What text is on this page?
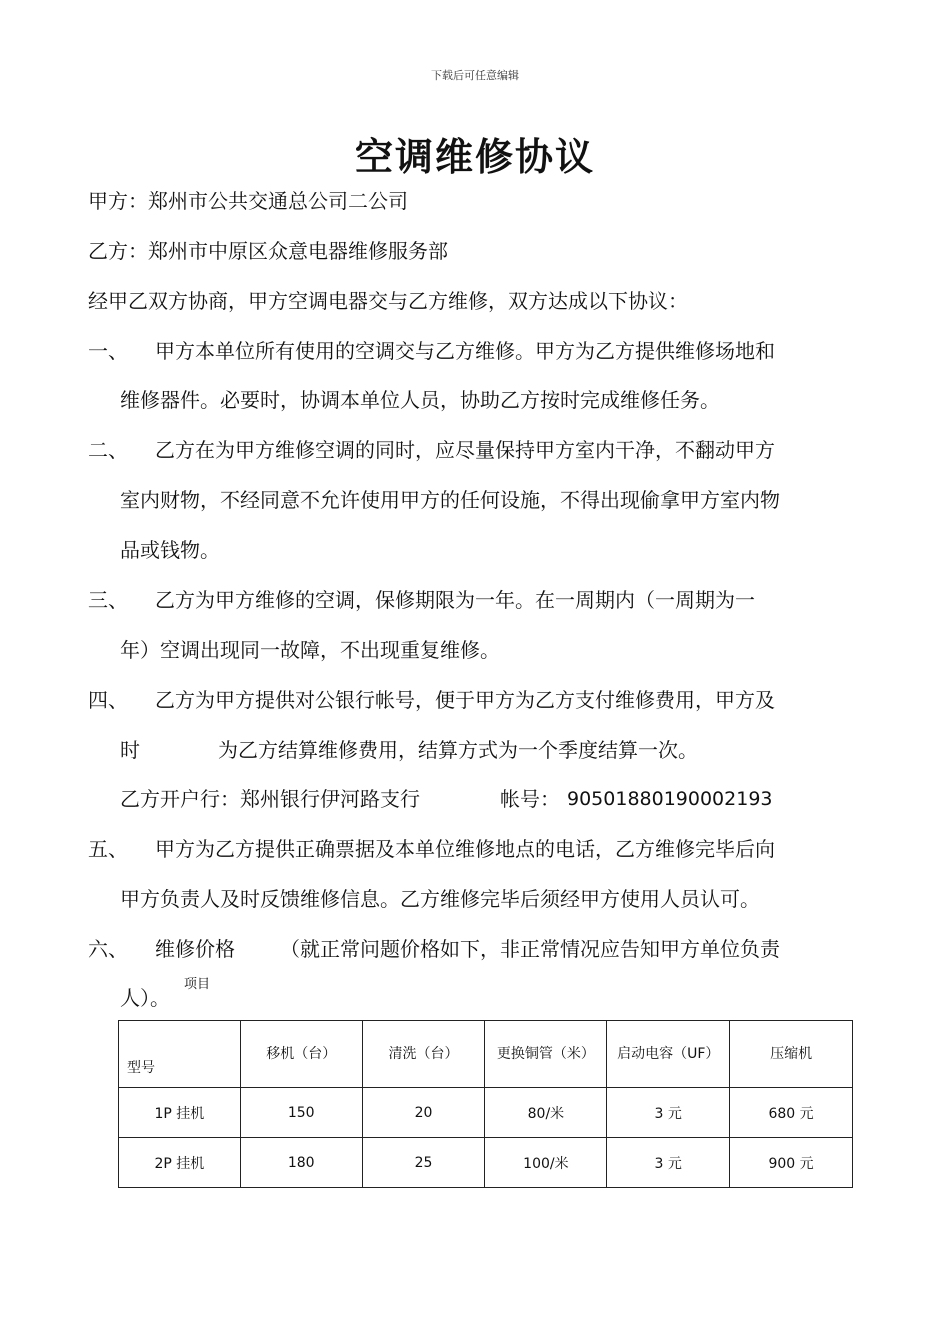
下载后可任意编辑
空调维修协议
甲方：郑州市公共交通总公司二公司
乙方：郑州市中原区众意电器维修服务部
经甲乙双方协商，甲方空调电器交与乙方维修，双方达成以下协议：
一、 甲方本单位所有使用的空调交与乙方维修。甲方为乙方提供维修场地和
维修器件。必要时，协调本单位人员，协助乙方按时完成维修任务。
二、 乙方在为甲方维修空调的同时，应尽量保持甲方室内干净，不翻动甲方
室内财物，不经同意不允许使用甲方的任何设施，不得出现偷拿甲方室内物
品或钱物。
三、 乙方为甲方维修的空调，保修期限为一年。在一周期内（一周期为一
年）空调出现同一故障，不出现重复维修。
四、 乙方为甲方提供对公银行帐号，便于甲方为乙方支付维修费用，甲方及
时	为乙方结算维修费用，结算方式为一个季度结算一次。
乙方开户行：郑州银行伊河路支行	帐号： 90501880190002193
五、 甲方为乙方提供正确票据及本单位维修地点的电话，乙方维修完毕后向
甲方负责人及时反馈维修信息。乙方维修完毕后须经甲方使用人员认可。
六、 维修价格 （就正常问题价格如下，非正常情况应告知甲方单位负责
人）。
项目
型号	移机（台）	清洗（台）	更换铜管（米）	启动电容（UF）	压缩机
1P 挂机	150	20	80/米	3 元	680 元
2P 挂机	180	25	100/米	3 元	900 元
